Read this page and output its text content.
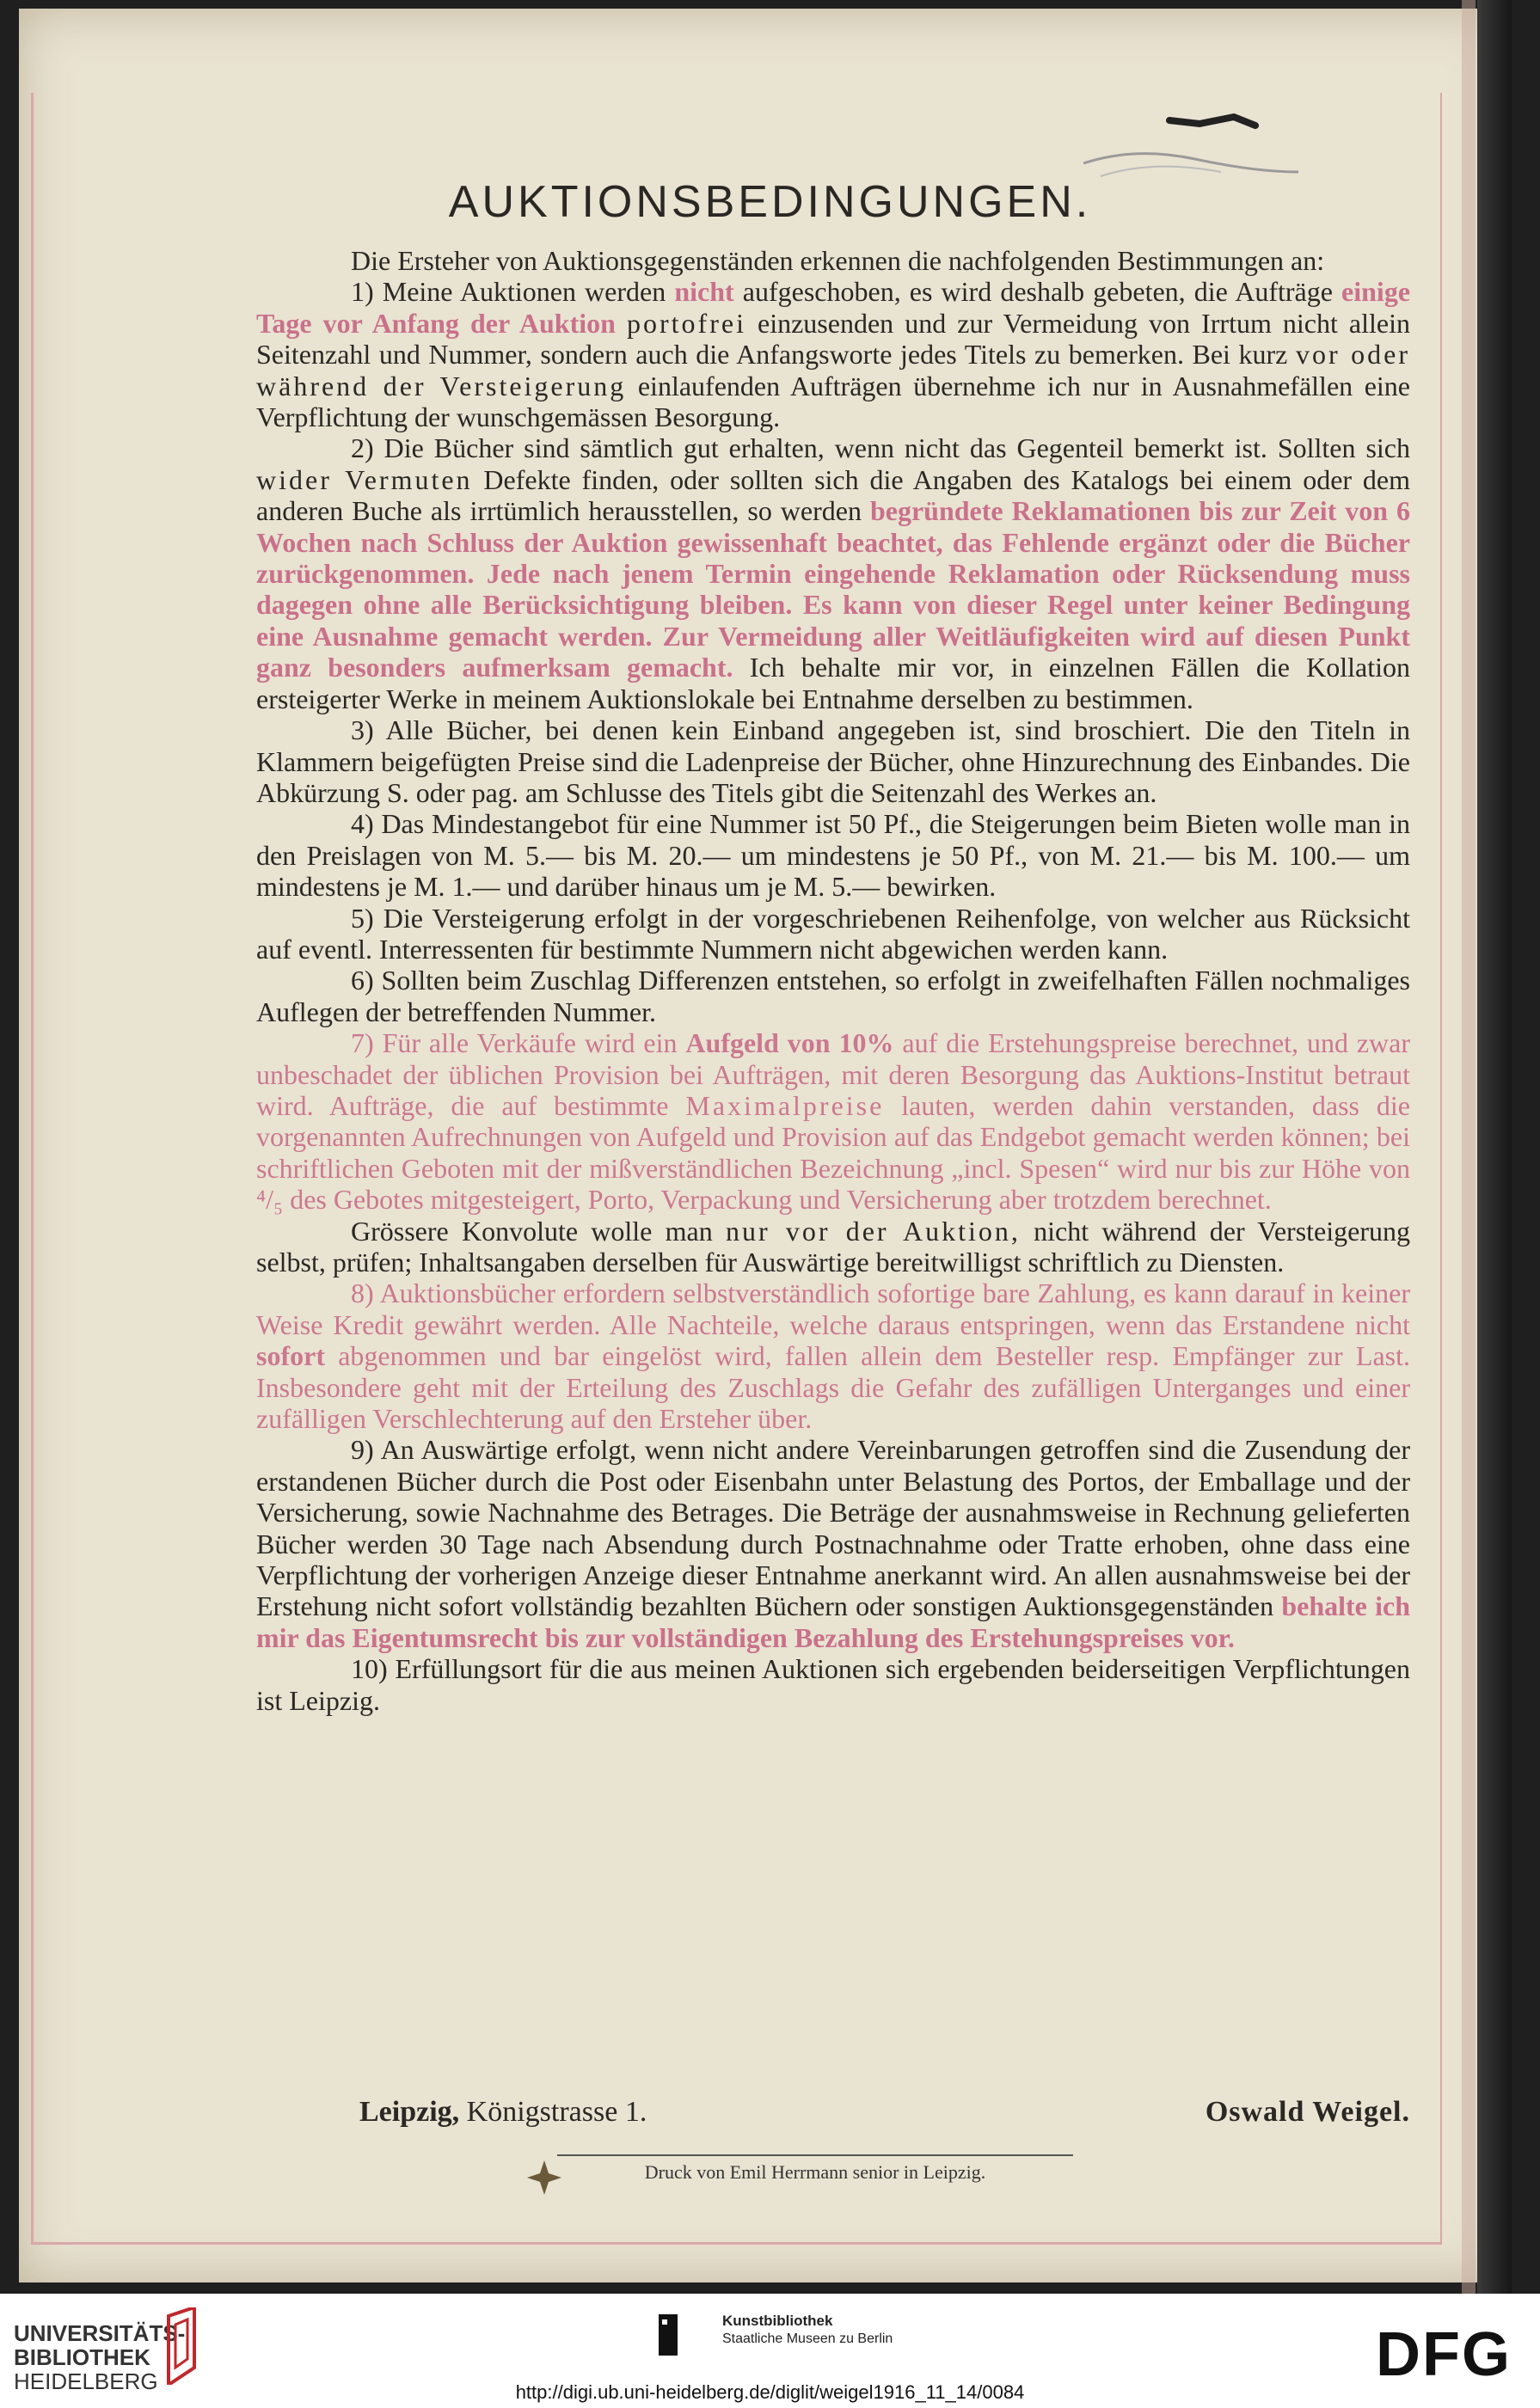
AUKTIONSBEDINGUNGEN.

Die Ersteher von Auktionsgegenständen erkennen die nachfolgenden Bestimmungen an:

1) Meine Auktionen werden nicht aufgeschoben, es wird deshalb gebeten, die Aufträge einige Tage vor Anfang der Auktion portofrei einzusenden und zur Vermeidung von Irrtum nicht allein Seitenzahl und Nummer, sondern auch die Anfangsworte jedes Titels zu bemerken. Bei kurz vor oder während der Versteigerung einlaufenden Aufträgen übernehme ich nur in Ausnahmefällen eine Verpflichtung der wunschgemässen Besorgung.

2) Die Bücher sind sämtlich gut erhalten, wenn nicht das Gegenteil bemerkt ist. Sollten sich wider Vermuten Defekte finden, oder sollten sich die Angaben des Katalogs bei einem oder dem anderen Buche als irrtümlich herausstellen, so werden begründete Reklamationen bis zur Zeit von 6 Wochen nach Schluss der Auktion gewissenhaft beachtet, das Fehlende ergänzt oder die Bücher zurückgenommen. Jede nach jenem Termin eingehende Reklamation oder Rücksendung muss dagegen ohne alle Berücksichtigung bleiben. Es kann von dieser Regel unter keiner Bedingung eine Ausnahme gemacht werden. Zur Vermeidung aller Weitläufigkeiten wird auf diesen Punkt ganz besonders aufmerksam gemacht. Ich behalte mir vor, in einzelnen Fällen die Kollation ersteigerter Werke in meinem Auktionslokale bei Entnahme derselben zu bestimmen.

3) Alle Bücher, bei denen kein Einband angegeben ist, sind broschiert. Die den Titeln in Klammern beigefügten Preise sind die Ladenpreise der Bücher, ohne Hinzurechnung des Einbandes. Die Abkürzung S. oder pag. am Schlusse des Titels gibt die Seitenzahl des Werkes an.

4) Das Mindestangebot für eine Nummer ist 50 Pf., die Steigerungen beim Bieten wolle man in den Preislagen von M. 5.— bis M. 20.— um mindestens je 50 Pf., von M. 21.— bis M. 100.— um mindestens je M. 1.— und darüber hinaus um je M. 5.— bewirken.

5) Die Versteigerung erfolgt in der vorgeschriebenen Reihenfolge, von welcher aus Rücksicht auf eventl. Interressenten für bestimmte Nummern nicht abgewichen werden kann.

6) Sollten beim Zuschlag Differenzen entstehen, so erfolgt in zweifelhaften Fällen nochmaliges Auflegen der betreffenden Nummer.

7) Für alle Verkäufe wird ein Aufgeld von 10% auf die Erstehungspreise berechnet, und zwar unbeschadet der üblichen Provision bei Aufträgen, mit deren Besorgung das Auktions-Institut betraut wird. Aufträge, die auf bestimmte Maximalpreise lauten, werden dahin verstanden, dass die vorgenannten Aufrechnungen von Aufgeld und Provision auf das Endgebot gemacht werden können; bei schriftlichen Geboten mit der mißverständlichen Bezeichnung „incl. Spesen“ wird nur bis zur Höhe von ⁴/₅ des Gebotes mitgesteigert, Porto, Verpackung und Versicherung aber trotzdem berechnet.

Grössere Konvolute wolle man nur vor der Auktion, nicht während der Versteigerung selbst, prüfen; Inhaltsangaben derselben für Auswärtige bereitwilligst schriftlich zu Diensten.

8) Auktionsbücher erfordern selbstverständlich sofortige bare Zahlung, es kann darauf in keiner Weise Kredit gewährt werden. Alle Nachteile, welche daraus entspringen, wenn das Erstandene nicht sofort abgenommen und bar eingelöst wird, fallen allein dem Besteller resp. Empfänger zur Last. Insbesondere geht mit der Erteilung des Zuschlags die Gefahr des zufälligen Unterganges und einer zufälligen Verschlechterung auf den Ersteher über.

9) An Auswärtige erfolgt, wenn nicht andere Vereinbarungen getroffen sind die Zusendung der erstandenen Bücher durch die Post oder Eisenbahn unter Belastung des Portos, der Emballage und der Versicherung, sowie Nachnahme des Betrages. Die Beträge der ausnahmsweise in Rechnung gelieferten Bücher werden 30 Tage nach Absendung durch Postnachnahme oder Tratte erhoben, ohne dass eine Verpflichtung der vorherigen Anzeige dieser Entnahme anerkannt wird. An allen ausnahmsweise bei der Erstehung nicht sofort vollständig bezahlten Büchern oder sonstigen Auktionsgegenständen behalte ich mir das Eigentumsrecht bis zur vollständigen Bezahlung des Erstehungspreises vor.

10) Erfüllungsort für die aus meinen Auktionen sich ergebenden beiderseitigen Verpflichtungen ist Leipzig.

Leipzig, Königstrasse 1.	Oswald Weigel.
Druck von Emil Herrmann senior in Leipzig.
UNIVERSITÄTS-
BIBLIOTHEK
HEIDELBERG
Kunstbibliothek
Staatliche Museen zu Berlin	DFG
http://digi.ub.uni-heidelberg.de/diglit/weigel1916_11_14/0084
